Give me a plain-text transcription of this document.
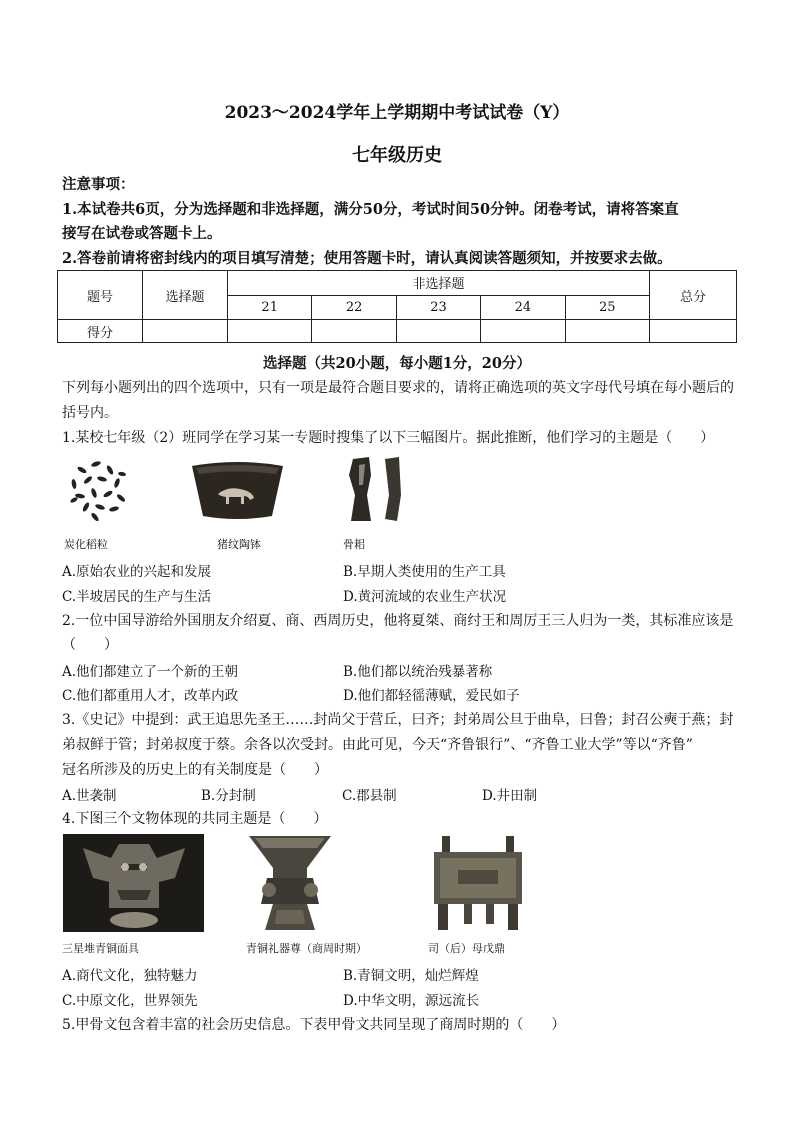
2023～2024学年上学期期中考试试卷（Y）
七年级历史
注意事项：
1.本试卷共6页，分为选择题和非选择题，满分50分，考试时间50分钟。闭卷考试，请将答案直
接写在试卷或答题卡上。
2.答卷前请将密封线内的项目填写清楚；使用答题卡时，请认真阅读答题须知，并按要求去做。
题号	选择题	非选择题					总分
		21	22	23	24	25	
得分							
选择题（共20小题，每小题1分，20分）
下列每小题列出的四个选项中，只有一项是最符合题目要求的，请将正确选项的英文字母代号填在每小题后的
括号内。
1.某校七年级（2）班同学在学习某一专题时搜集了以下三幅图片。据此推断，他们学习的主题是（　　）
炭化稻粒	猪纹陶钵	骨耜
A.原始农业的兴起和发展	B.早期人类使用的生产工具
C.半坡居民的生产与生活	D.黄河流域的农业生产状况
2.一位中国导游给外国朋友介绍夏、商、西周历史，他将夏桀、商纣王和周厉王三人归为一类，其标准应该是
（　　）
A.他们都建立了一个新的王朝	B.他们都以统治残暴著称
C.他们都重用人才，改革内政	D.他们都轻徭薄赋，爱民如子
3.《史记》中提到：武王追思先圣王……封尚父于营丘，曰齐；封弟周公旦于曲阜，曰鲁；封召公奭于燕；封
弟叔鲜于管；封弟叔度于蔡。余各以次受封。由此可见，今天“齐鲁银行”、“齐鲁工业大学”等以“齐鲁”
冠名所涉及的历史上的有关制度是（　　）
A.世袭制	B.分封制	C.郡县制	D.井田制
4.下图三个文物体现的共同主题是（　　）
三星堆青铜面具	青铜礼器尊（商周时期）	司（后）母戊鼎
A.商代文化，独特魅力	B.青铜文明，灿烂辉煌
C.中原文化，世界领先	D.中华文明，源远流长
5.甲骨文包含着丰富的社会历史信息。下表甲骨文共同呈现了商周时期的（　　）
